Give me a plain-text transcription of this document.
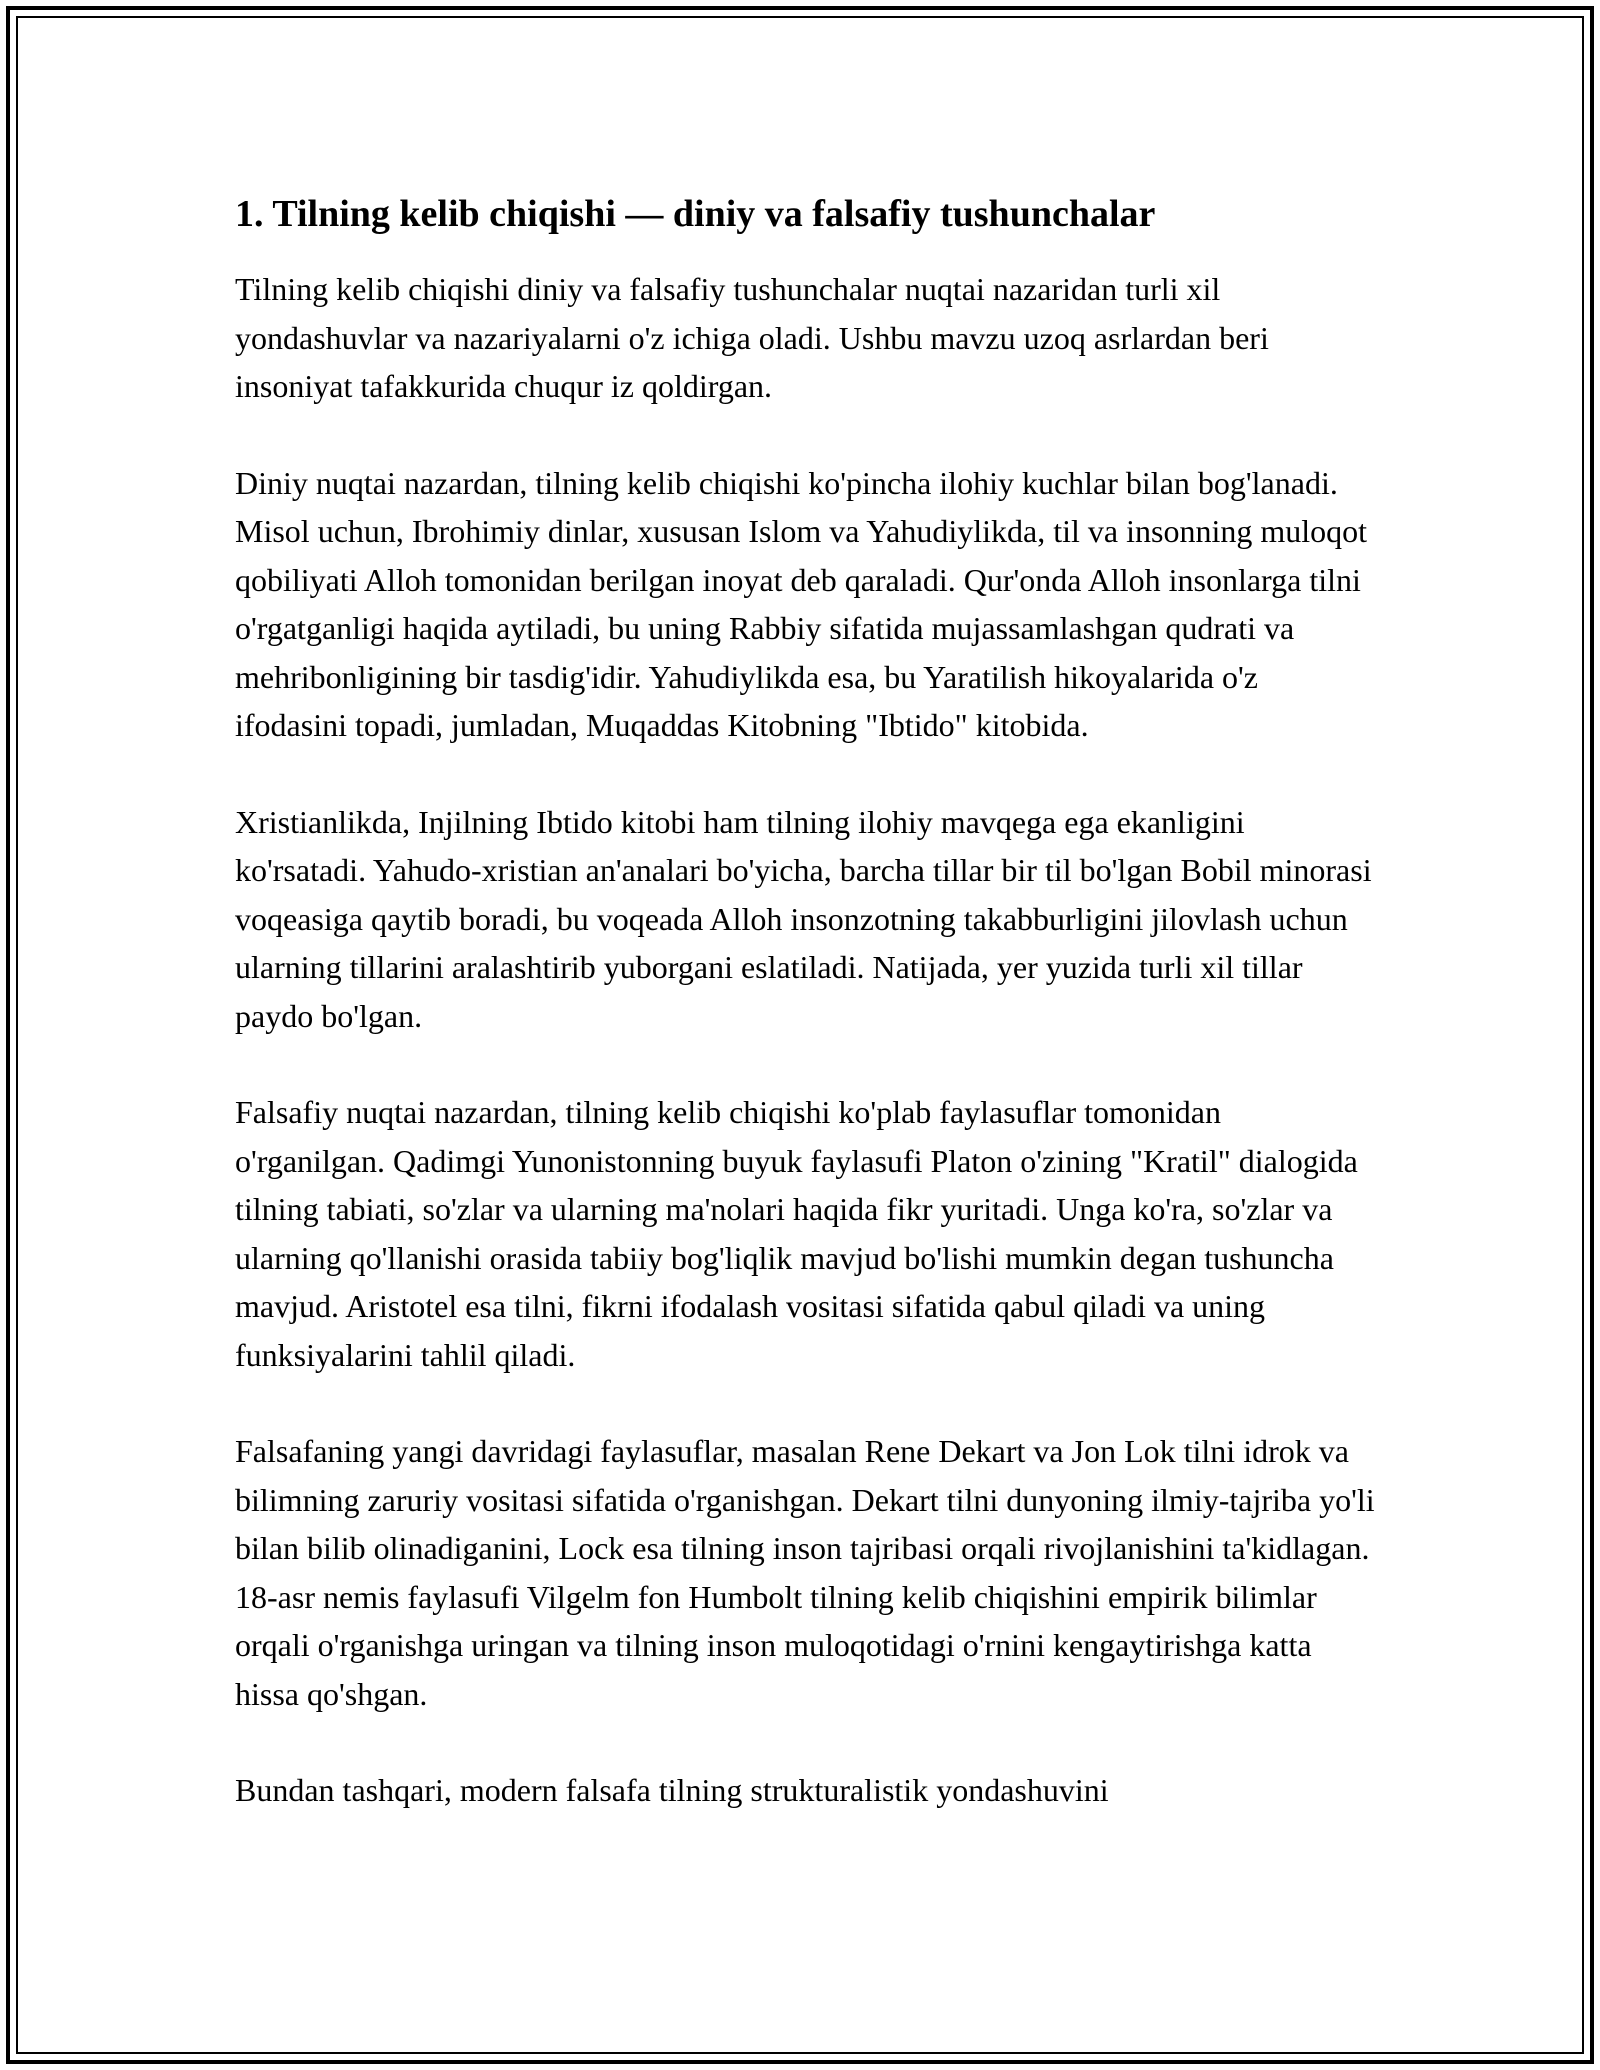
1. Tilning kelib chiqishi — diniy va falsafiy tushunchalar

Tilning kelib chiqishi diniy va falsafiy tushunchalar nuqtai nazaridan turli xil yondashuvlar va nazariyalarni o'z ichiga oladi. Ushbu mavzu uzoq asrlardan beri insoniyat tafakkurida chuqur iz qoldirgan.

Diniy nuqtai nazardan, tilning kelib chiqishi ko'pincha ilohiy kuchlar bilan bog'lanadi. Misol uchun, Ibrohimiy dinlar, xususan Islom va Yahudiylikda, til va insonning muloqot qobiliyati Alloh tomonidan berilgan inoyat deb qaraladi. Qur'onda Alloh insonlarga tilni o'rgatganligi haqida aytiladi, bu uning Rabbiy sifatida mujassamlashgan qudrati va mehribonligining bir tasdig'idir. Yahudiylikda esa, bu Yaratilish hikoyalarida o'z ifodasini topadi, jumladan, Muqaddas Kitobning "Ibtido" kitobida.

Xristianlikda, Injilning Ibtido kitobi ham tilning ilohiy mavqega ega ekanligini ko'rsatadi. Yahudo-xristian an'analari bo'yicha, barcha tillar bir til bo'lgan Bobil minorasi voqeasiga qaytib boradi, bu voqeada Alloh insonzotning takabburligini jilovlash uchun ularning tillarini aralashtirib yuborgani eslatiladi. Natijada, yer yuzida turli xil tillar paydo bo'lgan.

Falsafiy nuqtai nazardan, tilning kelib chiqishi ko'plab faylasuflar tomonidan o'rganilgan. Qadimgi Yunonistonning buyuk faylasufi Platon o'zining "Kratil" dialogida tilning tabiati, so'zlar va ularning ma'nolari haqida fikr yuritadi. Unga ko'ra, so'zlar va ularning qo'llanishi orasida tabiiy bog'liqlik mavjud bo'lishi mumkin degan tushuncha mavjud. Aristotel esa tilni, fikrni ifodalash vositasi sifatida qabul qiladi va uning funksiyalarini tahlil qiladi.

Falsafaning yangi davridagi faylasuflar, masalan Rene Dekart va Jon Lok tilni idrok va bilimning zaruriy vositasi sifatida o'rganishgan. Dekart tilni dunyoning ilmiy-tajriba yo'li bilan bilib olinadiganini, Lock esa tilning inson tajribasi orqali rivojlanishini ta'kidlagan. 18-asr nemis faylasufi Vilgelm fon Humbolt tilning kelib chiqishini empirik bilimlar orqali o'rganishga uringan va tilning inson muloqotidagi o'rnini kengaytirishga katta hissa qo'shgan.

Bundan tashqari, modern falsafa tilning strukturalistik yondashuvini
